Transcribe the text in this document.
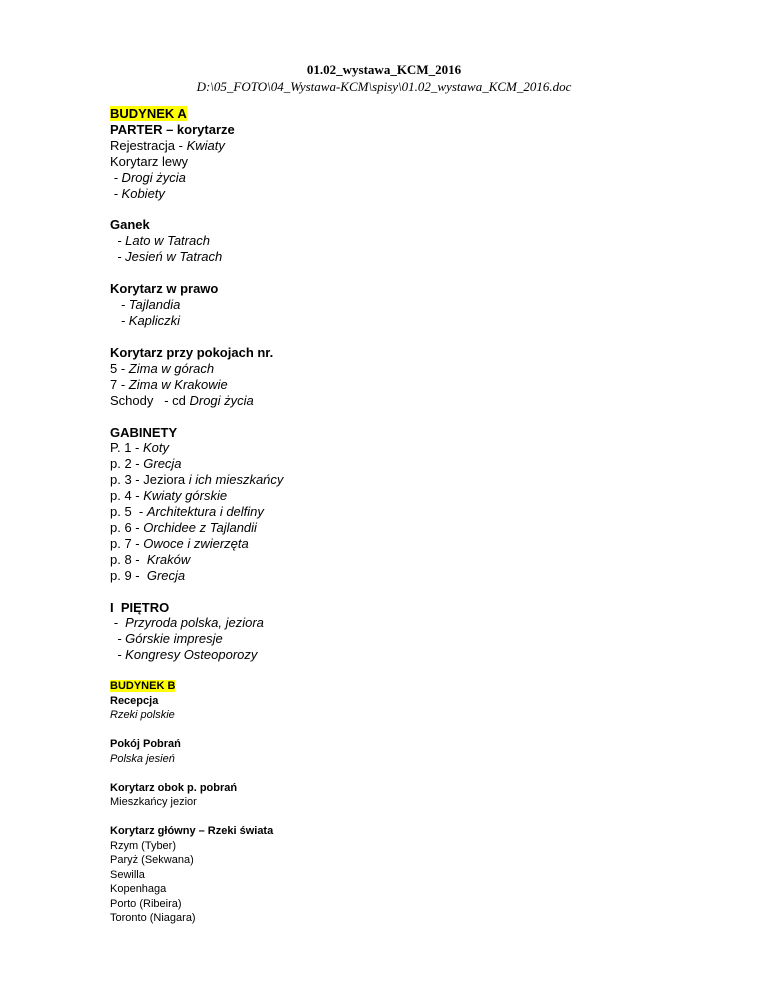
01.02_wystawa_KCM_2016
D:\05_FOTO\04_Wystawa-KCM\spisy\01.02_wystawa_KCM_2016.doc
BUDYNEK A
PARTER – korytarze
Rejestracja - Kwiaty
Korytarz lewy
- Drogi życia
- Kobiety
Ganek
- Lato w Tatrach
- Jesień w Tatrach
Korytarz w prawo
- Tajlandia
- Kapliczki
Korytarz przy pokojach nr.
5 - Zima w górach
7 - Zima w Krakowie
Schody   - cd Drogi życia
GABINETY
P. 1 - Koty
p. 2 - Grecja
p. 3 - Jeziora i ich mieszkańcy
p. 4 - Kwiaty górskie
p. 5  - Architektura i delfiny
p. 6 - Orchidee z Tajlandii
p. 7 - Owoce i zwierzęta
p. 8 -  Kraków
p. 9 -  Grecja
I  PIĘTRO
-  Przyroda polska, jeziora
- Górskie impresje
- Kongresy Osteoporozy
BUDYNEK B
Recepcja
Rzeki polskie
Pokój Pobrań
Polska jesień
Korytarz obok p. pobrań
Mieszkańcy jezior
Korytarz główny – Rzeki świata
Rzym (Tyber)
Paryż (Sekwana)
Sewilla
Kopenhaga
Porto (Ribeira)
Toronto (Niagara)
